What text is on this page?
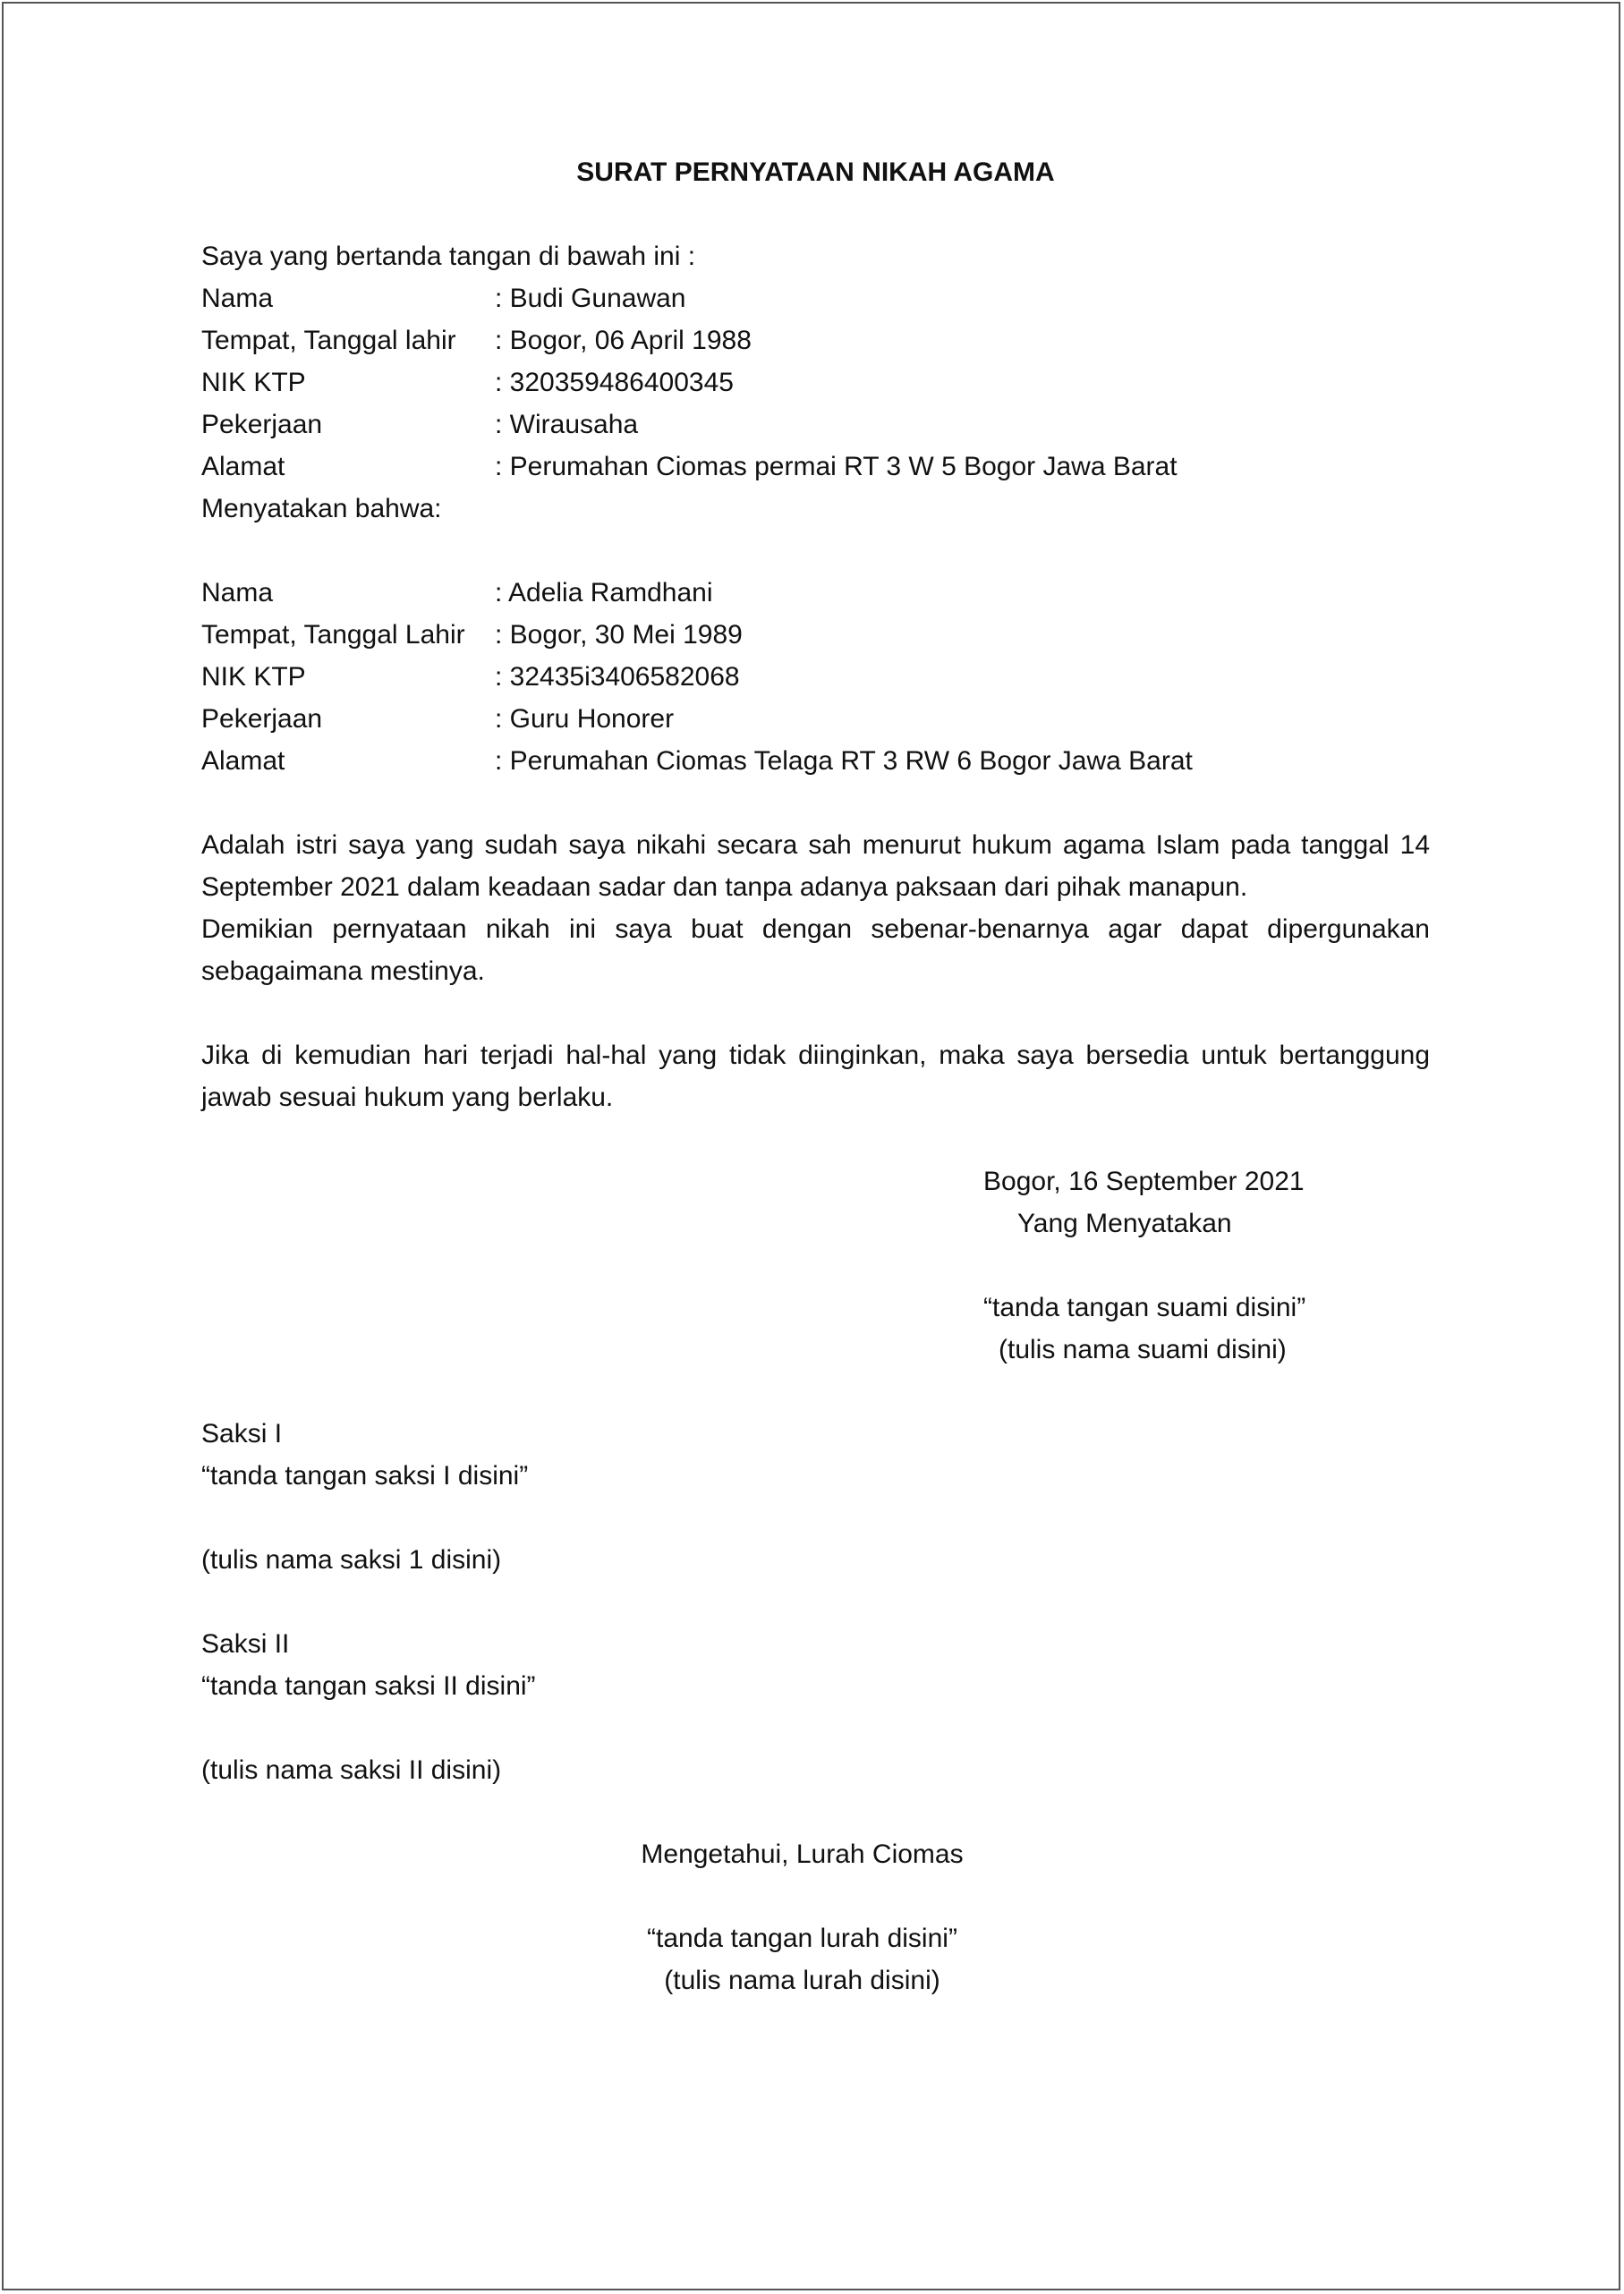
SURAT PERNYATAAN NIKAH AGAMA

Saya yang bertanda tangan di bawah ini :

Nama	: Budi Gunawan
Tempat, Tanggal lahir	: Bogor, 06 April 1988
NIK KTP	: 320359486400345
Pekerjaan	: Wirausaha
Alamat	: Perumahan Ciomas permai RT 3 W 5 Bogor Jawa Barat

Menyatakan bahwa:

Nama	: Adelia Ramdhani
Tempat, Tanggal Lahir	: Bogor, 30 Mei 1989
NIK KTP	: 32435i3406582068
Pekerjaan	: Guru Honorer
Alamat	: Perumahan Ciomas Telaga RT 3 RW 6 Bogor Jawa Barat

Adalah istri saya yang sudah saya nikahi secara sah menurut hukum agama Islam pada tanggal 14 September 2021 dalam keadaan sadar dan tanpa adanya paksaan dari pihak manapun.

Demikian pernyataan nikah ini saya buat dengan sebenar-benarnya agar dapat dipergunakan sebagaimana mestinya.

Jika di kemudian hari terjadi hal-hal yang tidak diinginkan, maka saya bersedia untuk bertanggung jawab sesuai hukum yang berlaku.

Bogor, 16 September 2021

Yang Menyatakan

“tanda tangan suami disini”

(tulis nama suami disini)

Saksi I

“tanda tangan saksi I disini”

(tulis nama saksi 1 disini)

Saksi II

“tanda tangan saksi II disini”

(tulis nama saksi II disini)

Mengetahui, Lurah Ciomas

“tanda tangan lurah disini”

(tulis nama lurah disini)
